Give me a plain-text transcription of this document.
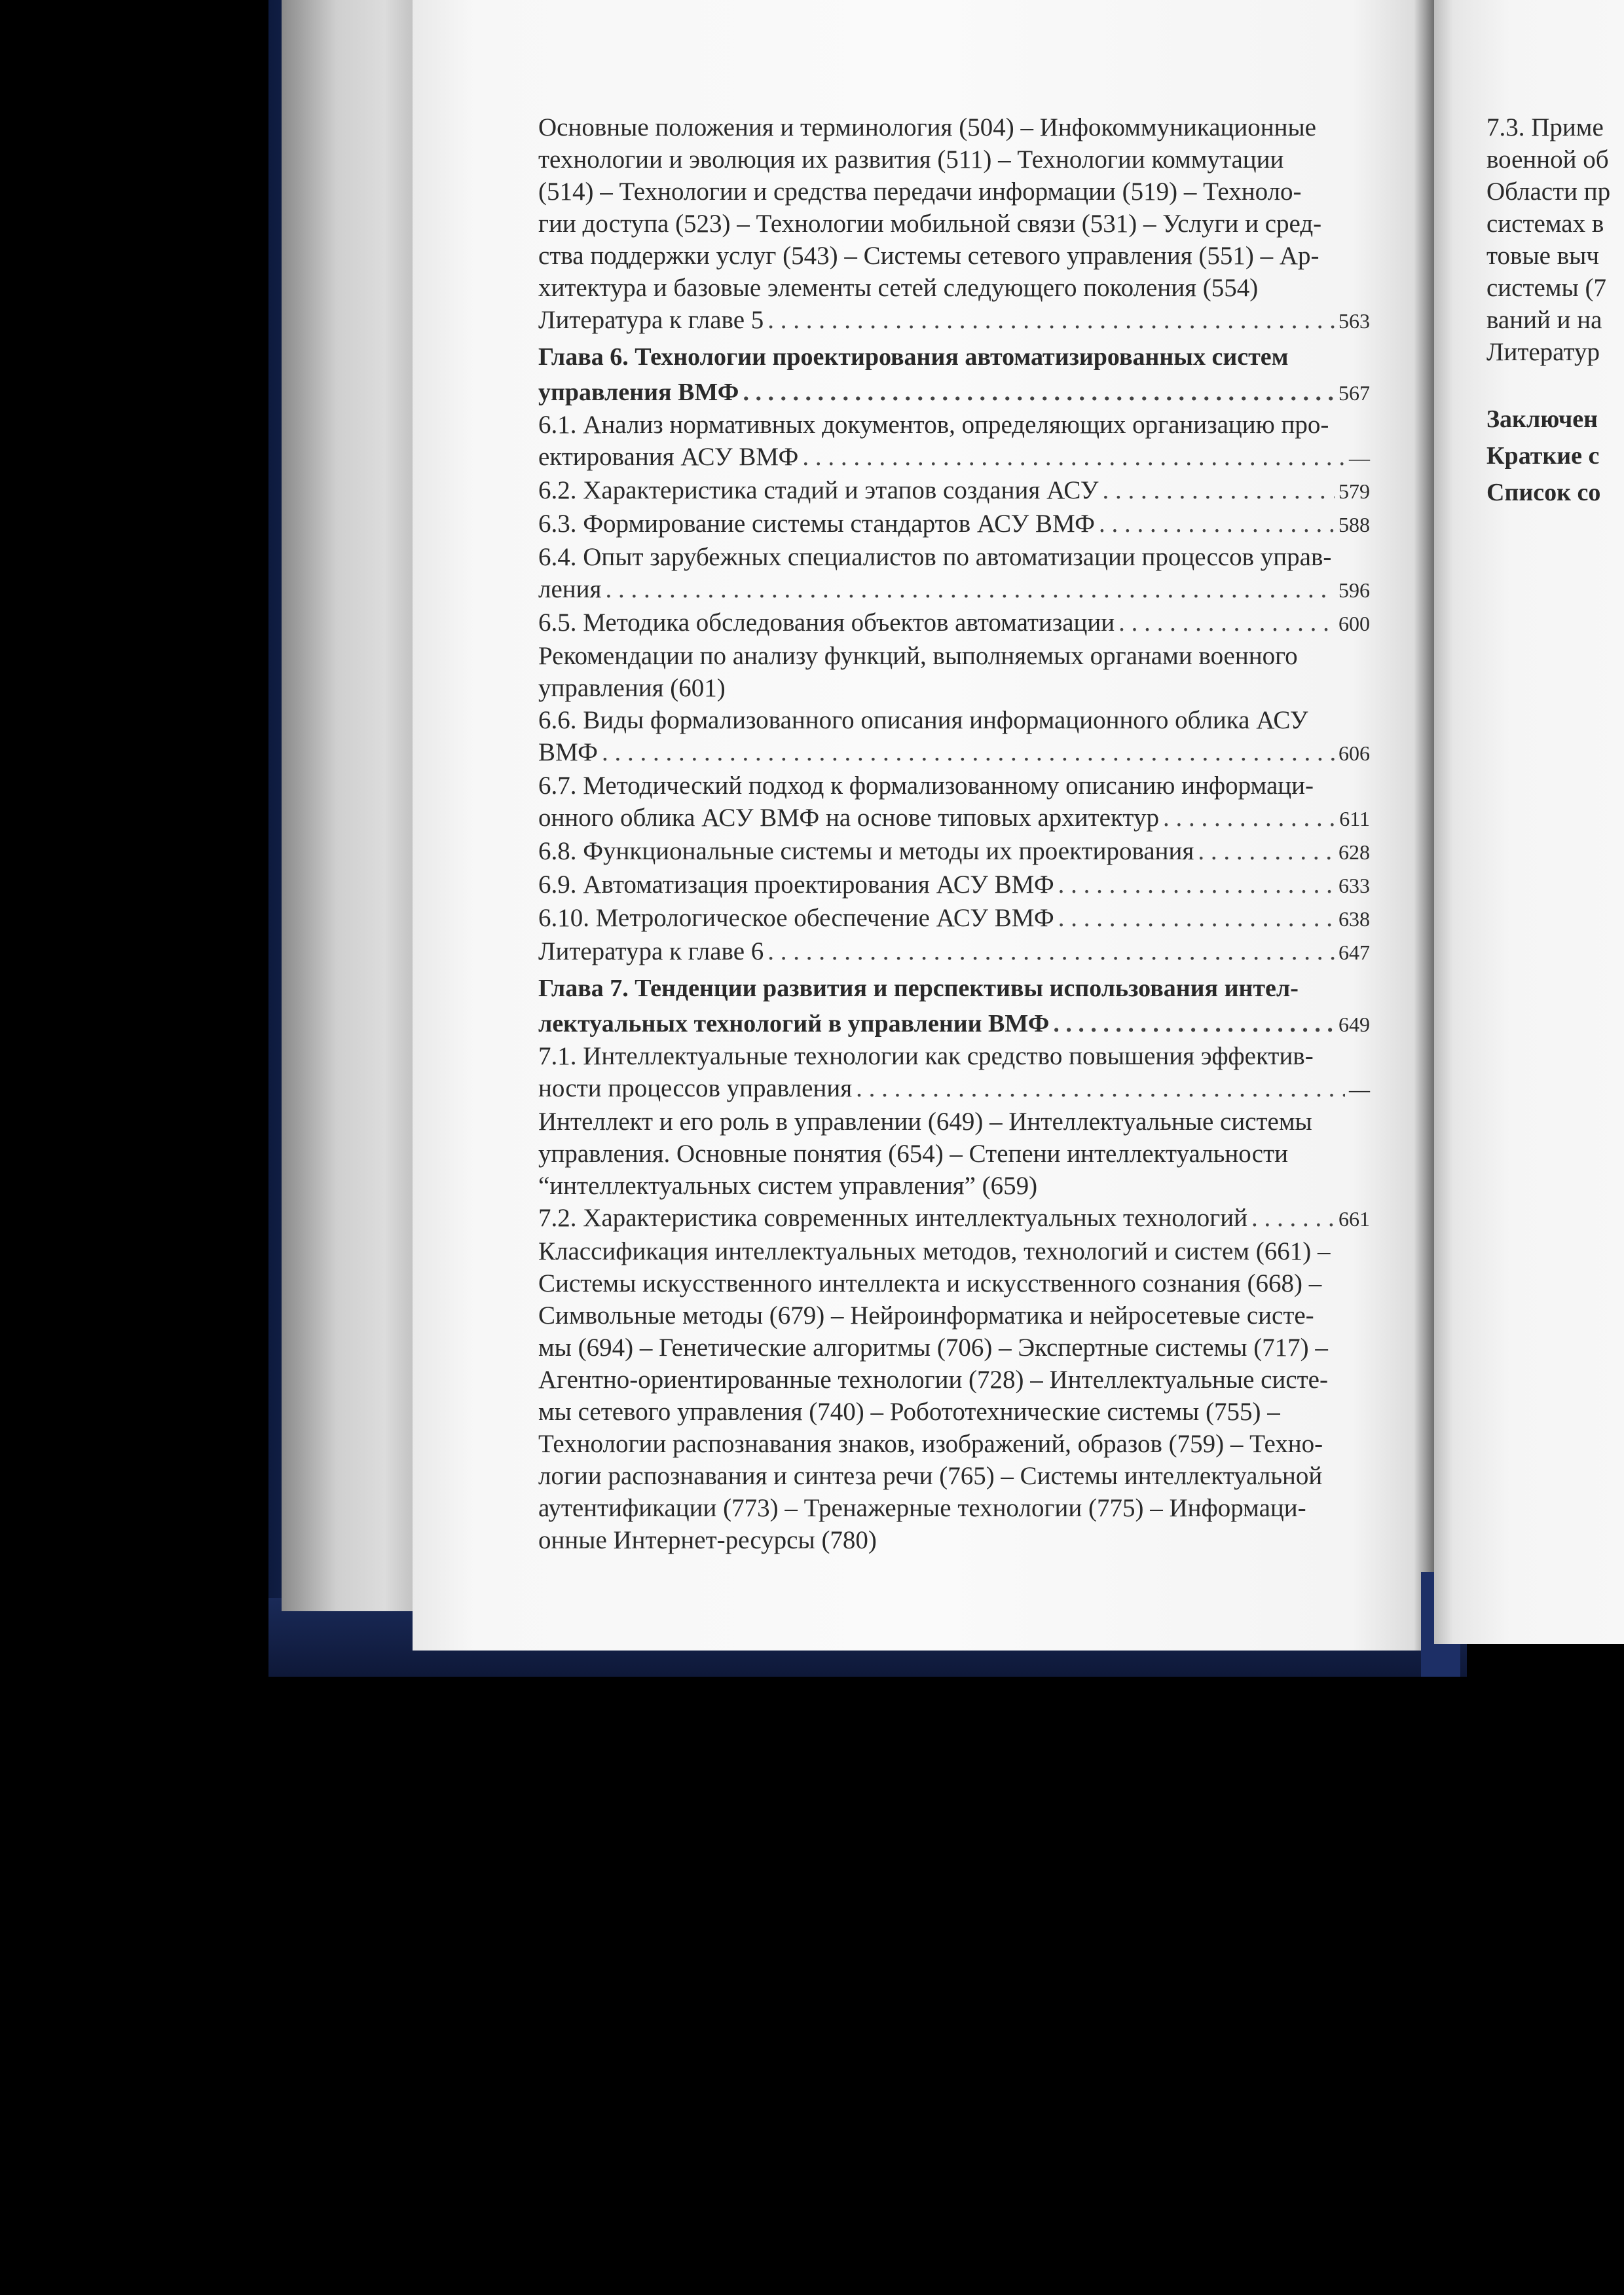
Основные положения и терминология (504) – Инфокоммуникационные
технологии и эволюция их развития (511) – Технологии коммутации
(514) – Технологии и средства передачи информации (519) – Техноло-
гии доступа (523) – Технологии мобильной связи (531) – Услуги и сред-
ства поддержки услуг (543) – Системы сетевого управления (551) – Ар-
хитектура и базовые элементы сетей следующего поколения (554)
Литература к главе 5 . . .	563
Глава 6. Технологии проектирования автоматизированных систем
управления ВМФ . . .	567
6.1. Анализ нормативных документов, определяющих организацию про-
ектирования АСУ ВМФ . . .	—
6.2. Характеристика стадий и этапов создания АСУ . . .	579
6.3. Формирование системы стандартов АСУ ВМФ . . .	588
6.4. Опыт зарубежных специалистов по автоматизации процессов управ-
ления . . .	596
6.5. Методика обследования объектов автоматизации . . .	600
Рекомендации по анализу функций, выполняемых органами военного
управления (601)
6.6. Виды формализованного описания информационного облика АСУ
ВМФ . . .	606
6.7. Методический подход к формализованному описанию информаци-
онного облика АСУ ВМФ на основе типовых архитектур . . .	611
6.8. Функциональные системы и методы их проектирования . . .	628
6.9. Автоматизация проектирования АСУ ВМФ . . .	633
6.10. Метрологическое обеспечение АСУ ВМФ . . .	638
Литература к главе 6 . . .	647
Глава 7. Тенденции развития и перспективы использования интел-
лектуальных технологий в управлении ВМФ . . .	649
7.1. Интеллектуальные технологии как средство повышения эффектив-
ности процессов управления . . .	—
Интеллект и его роль в управлении (649) – Интеллектуальные системы
управления. Основные понятия (654) – Степени интеллектуальности
“интеллектуальных систем управления” (659)
7.2. Характеристика современных интеллектуальных технологий . . .	661
Классификация интеллектуальных методов, технологий и систем (661) –
Системы искусственного интеллекта и искусственного сознания (668) –
Символьные методы (679) – Нейроинформатика и нейросетевые систе-
мы (694) – Генетические алгоритмы (706) – Экспертные системы (717) –
Агентно-ориентированные технологии (728) – Интеллектуальные систе-
мы сетевого управления (740) – Робототехнические системы (755) –
Технологии распознавания знаков, изображений, образов (759) – Техно-
логии распознавания и синтеза речи (765) – Системы интеллектуальной
аутентификации (773) – Тренажерные технологии (775) – Информаци-
онные Интернет-ресурсы (780)

7.3. Приме

военной об

Области пр

системах в

товые выч

системы (7

ваний и на

Литератур

Заключен

Краткие с

Список со
